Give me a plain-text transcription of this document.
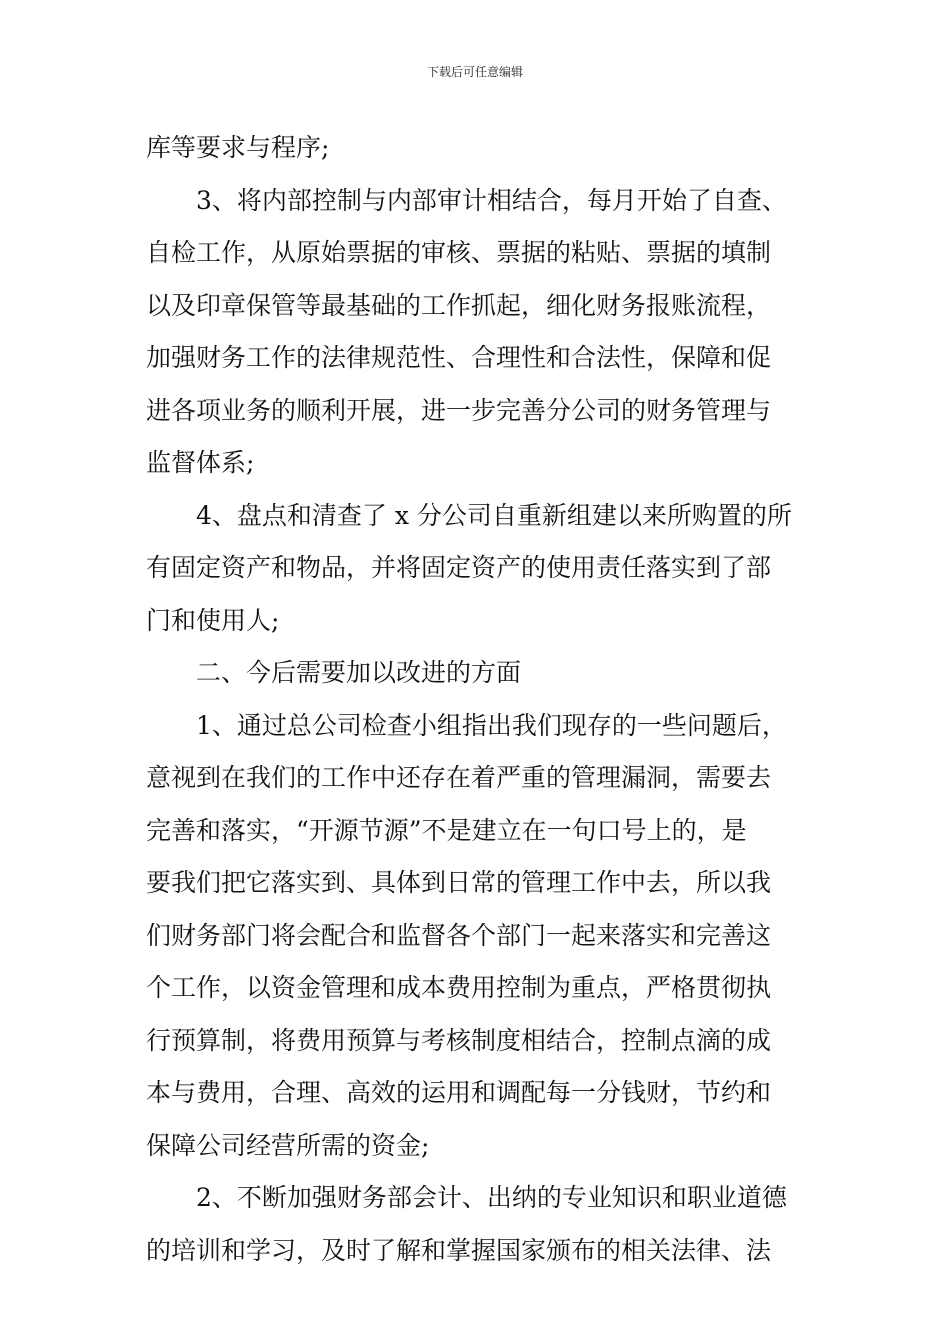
下载后可任意编辑
库等要求与程序;
3、将内部控制与内部审计相结合，每月开始了自查、
自检工作，从原始票据的审核、票据的粘贴、票据的填制
以及印章保管等最基础的工作抓起，细化财务报账流程，
加强财务工作的法律规范性、合理性和合法性，保障和促
进各项业务的顺利开展，进一步完善分公司的财务管理与
监督体系;
4、盘点和清查了 x 分公司自重新组建以来所购置的所
有固定资产和物品，并将固定资产的使用责任落实到了部
门和使用人;
二、今后需要加以改进的方面
1、通过总公司检查小组指出我们现存的一些问题后，
意视到在我们的工作中还存在着严重的管理漏洞，需要去
完善和落实，“开源节源”不是建立在一句口号上的，是
要我们把它落实到、具体到日常的管理工作中去，所以我
们财务部门将会配合和监督各个部门一起来落实和完善这
个工作，以资金管理和成本费用控制为重点，严格贯彻执
行预算制，将费用预算与考核制度相结合，控制点滴的成
本与费用，合理、高效的运用和调配每一分钱财，节约和
保障公司经营所需的资金;
2、不断加强财务部会计、出纳的专业知识和职业道德
的培训和学习，及时了解和掌握国家颁布的相关法律、法
